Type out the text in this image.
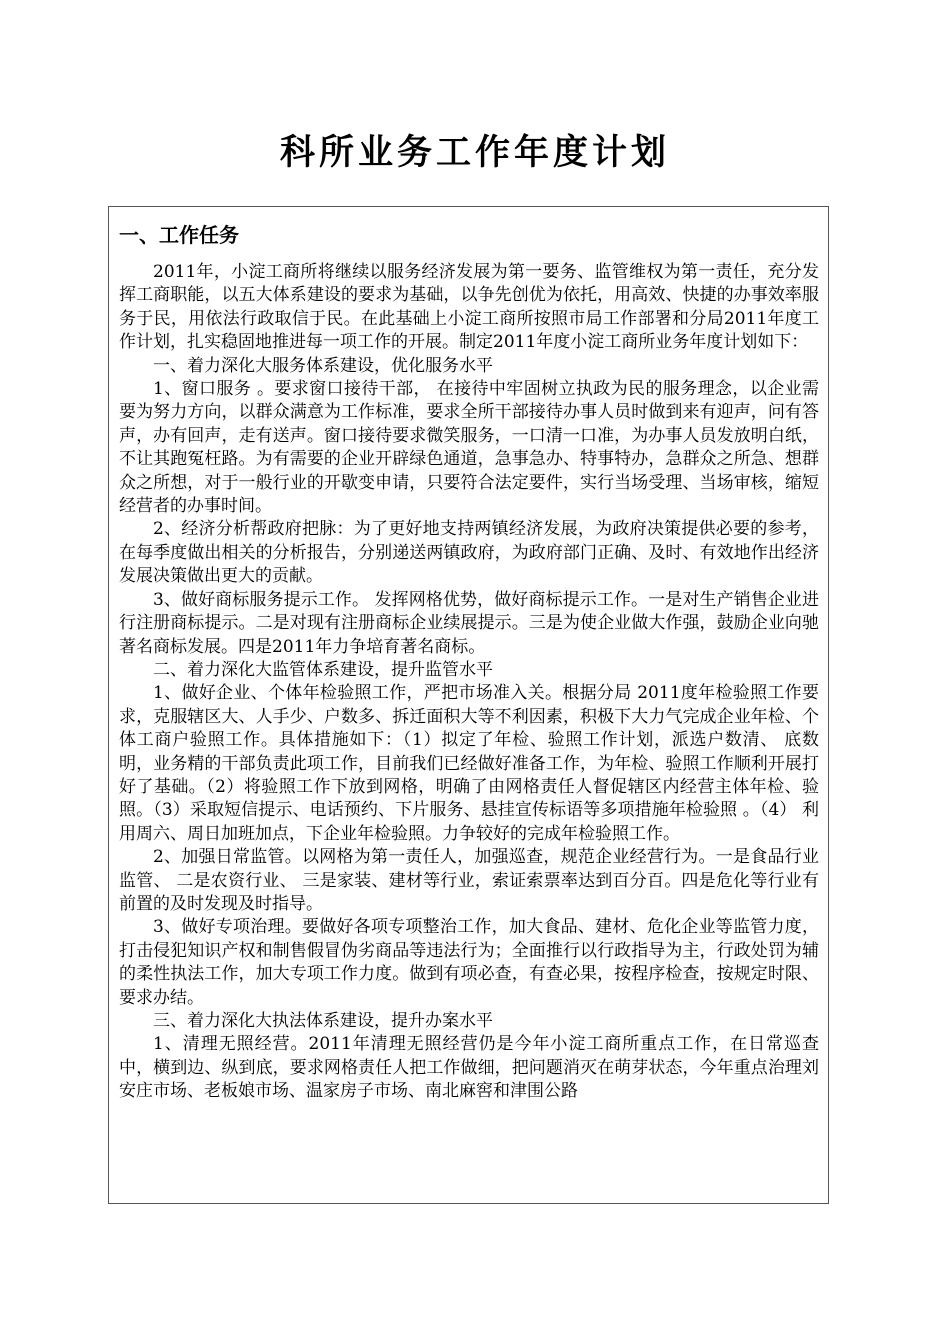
科所业务工作年度计划
一、工作任务

2011年，小淀工商所将继续以服务经济发展为第一要务、监管维权为第一责任，充分发挥工商职能，以五大体系建设的要求为基础，以争先创优为依托，用高效、快捷的办事效率服务于民，用依法行政取信于民。在此基础上小淀工商所按照市局工作部署和分局2011年度工作计划，扎实稳固地推进每一项工作的开展。制定2011年度小淀工商所业务年度计划如下：

一、着力深化大服务体系建设，优化服务水平

1、窗口服务 。要求窗口接待干部， 在接待中牢固树立执政为民的服务理念，以企业需要为努力方向，以群众满意为工作标准，要求全所干部接待办事人员时做到来有迎声，问有答声，办有回声，走有送声。窗口接待要求微笑服务，一口清一口准，为办事人员发放明白纸，不让其跑冤枉路。为有需要的企业开辟绿色通道，急事急办、特事特办，急群众之所急、想群众之所想，对于一般行业的开歇变申请，只要符合法定要件，实行当场受理、当场审核，缩短经营者的办事时间。

2、经济分析帮政府把脉：为了更好地支持两镇经济发展，为政府决策提供必要的参考，在每季度做出相关的分析报告，分别递送两镇政府，为政府部门正确、及时、有效地作出经济发展决策做出更大的贡献。

3、做好商标服务提示工作。 发挥网格优势，做好商标提示工作。一是对生产销售企业进行注册商标提示。二是对现有注册商标企业续展提示。三是为使企业做大作强，鼓励企业向驰著名商标发展。四是2011年力争培育著名商标。

二、着力深化大监管体系建设，提升监管水平

1、做好企业、个体年检验照工作，严把市场准入关。根据分局 2011度年检验照工作要求，克服辖区大、人手少、户数多、拆迁面积大等不利因素，积极下大力气完成企业年检、个体工商户验照工作。具体措施如下：（1）拟定了年检、验照工作计划，派选户数清、 底数明，业务精的干部负责此项工作，目前我们已经做好准备工作，为年检、验照工作顺利开展打好了基础。（2）将验照工作下放到网格，明确了由网格责任人督促辖区内经营主体年检、验照。（3）采取短信提示、电话预约、下片服务、悬挂宣传标语等多项措施年检验照 。（4） 利用周六、周日加班加点，下企业年检验照。力争较好的完成年检验照工作。

2、加强日常监管。以网格为第一责任人，加强巡查，规范企业经营行为。一是食品行业监管、 二是农资行业、 三是家装、建材等行业，索证索票率达到百分百。四是危化等行业有前置的及时发现及时指导。

3、做好专项治理。要做好各项专项整治工作，加大食品、建材、危化企业等监管力度，打击侵犯知识产权和制售假冒伪劣商品等违法行为；全面推行以行政指导为主，行政处罚为辅的柔性执法工作，加大专项工作力度。做到有项必查，有查必果，按程序检查，按规定时限、要求办结。

三、着力深化大执法体系建设，提升办案水平

1、清理无照经营。2011年清理无照经营仍是今年小淀工商所重点工作，在日常巡查中，横到边、纵到底，要求网格责任人把工作做细，把问题消灭在萌芽状态，今年重点治理刘安庄市场、老板娘市场、温家房子市场、南北麻窖和津围公路
